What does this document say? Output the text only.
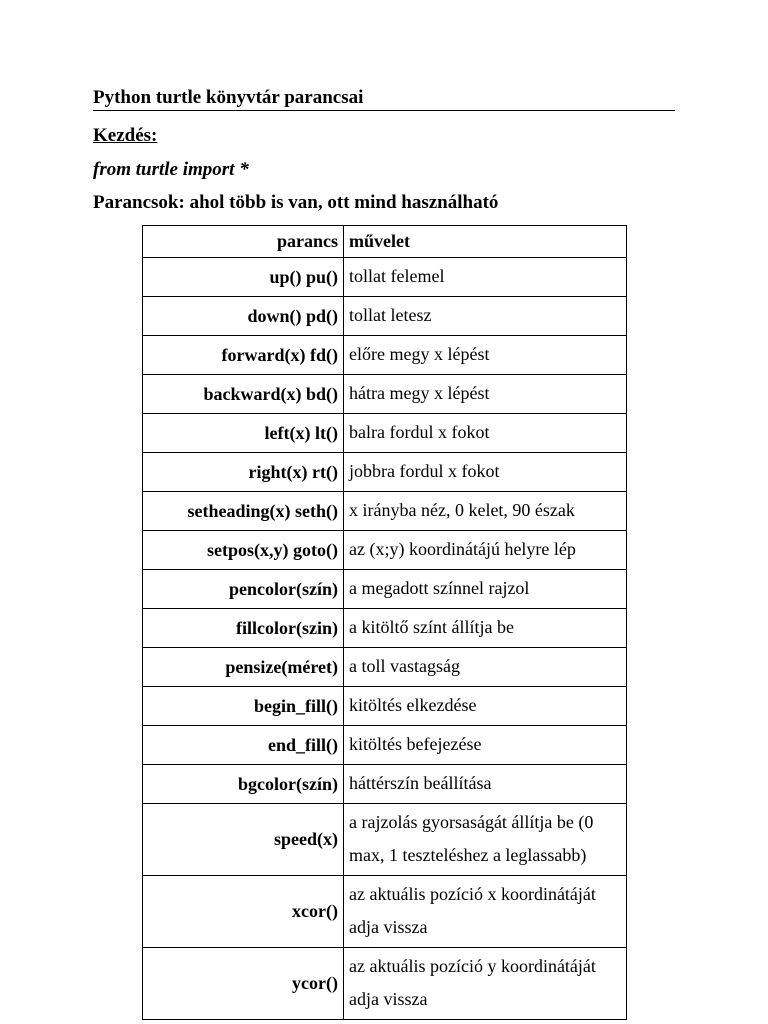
Python turtle könyvtár parancsai
Kezdés:
from turtle import *
Parancsok: ahol több is van, ott mind használható
parancs	művelet
up() pu()	tollat felemel
down() pd()	tollat letesz
forward(x) fd()	előre megy x lépést
backward(x) bd()	hátra megy x lépést
left(x) lt()	balra fordul x fokot
right(x) rt()	jobbra fordul x fokot
setheading(x) seth()	x irányba néz, 0 kelet, 90 észak
setpos(x,y) goto()	az (x;y) koordinátájú helyre lép
pencolor(szín)	a megadott színnel rajzol
fillcolor(szin)	a kitöltő színt állítja be
pensize(méret)	a toll vastagság
begin_fill()	kitöltés elkezdése
end_fill()	kitöltés befejezése
bgcolor(szín)	háttérszín beállítása
speed(x)	a rajzolás gyorsaságát állítja be (0 max, 1 teszteléshez a leglassabb)
xcor()	az aktuális pozíció x koordinátáját adja vissza
ycor()	az aktuális pozíció y koordinátáját adja vissza
